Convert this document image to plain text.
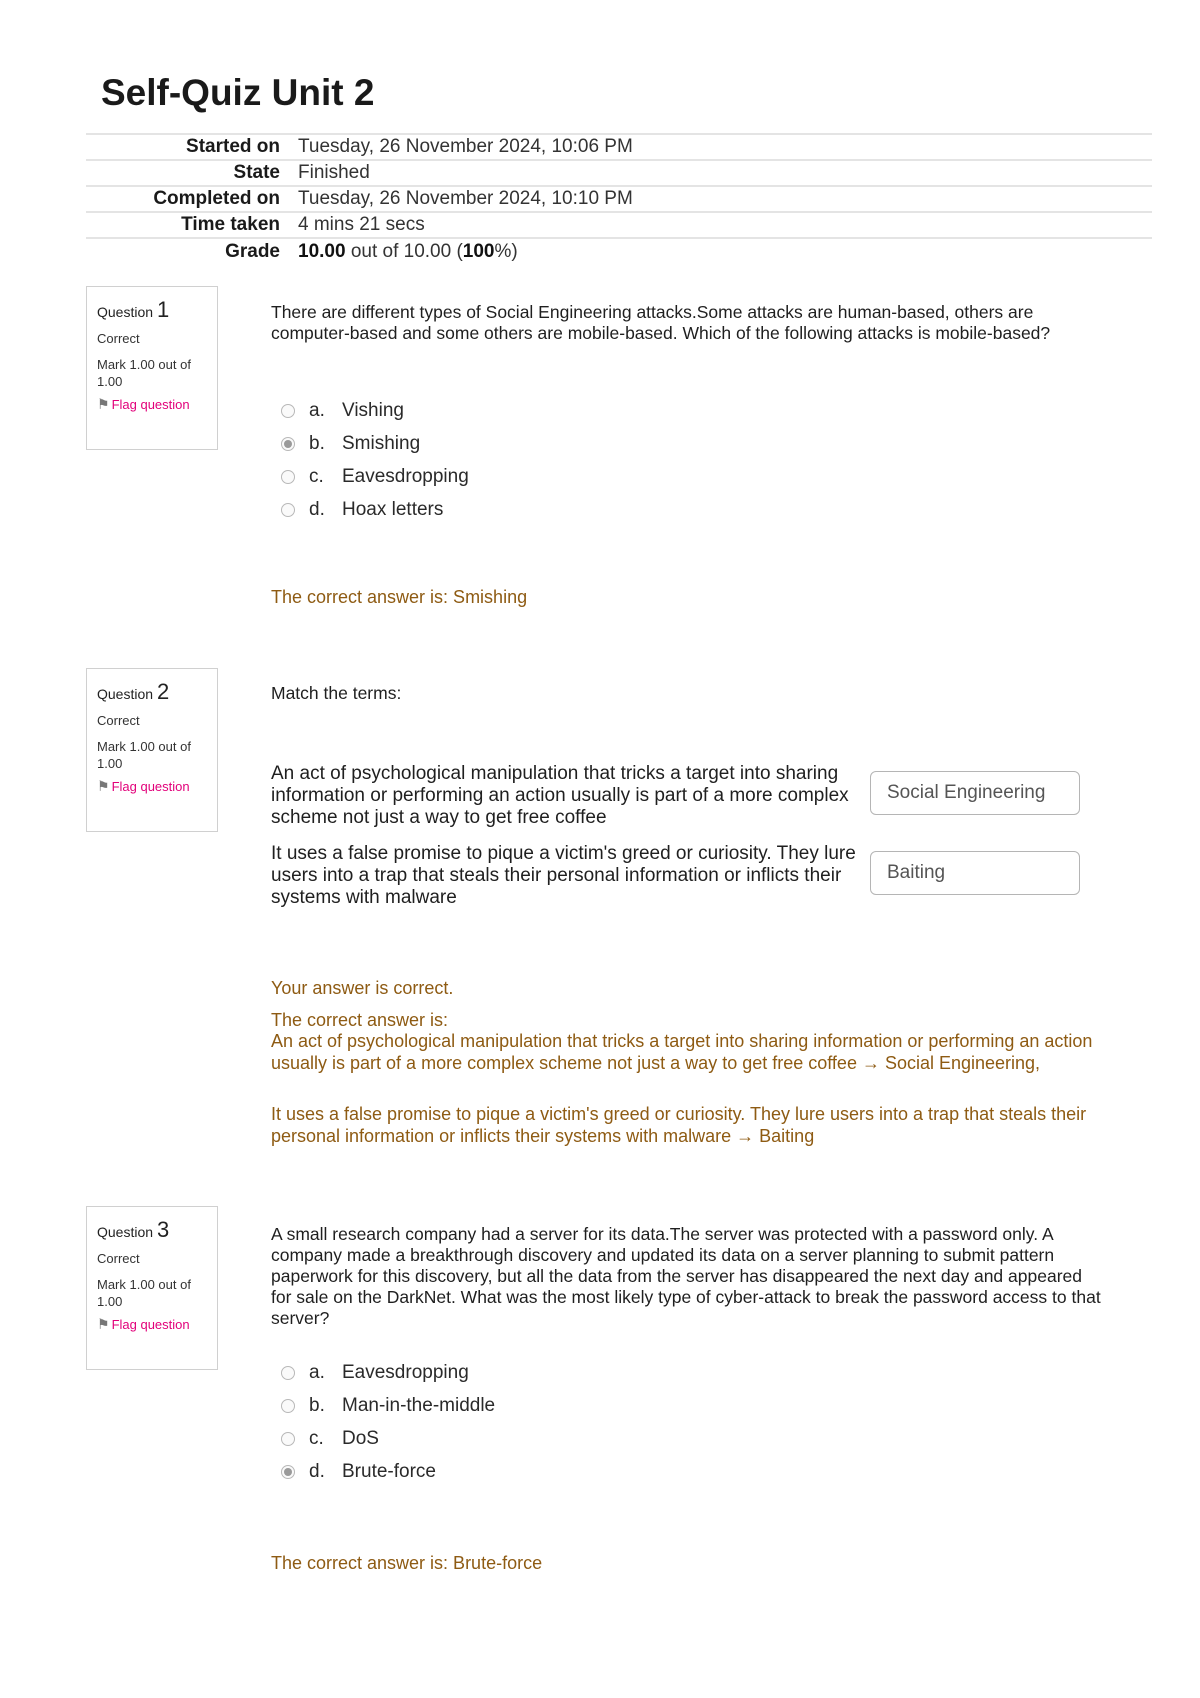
Self-Quiz Unit 2
Started on	Tuesday, 26 November 2024, 10:06 PM
State	Finished
Completed on	Tuesday, 26 November 2024, 10:10 PM
Time taken	4 mins 21 secs
Grade	10.00 out of 10.00 (100%)
Question 1
Correct
Mark 1.00 out of 1.00
⚑ Flag question
There are different types of Social Engineering attacks.Some attacks are human-based, others are computer-based and some others are mobile-based. Which of the following attacks is mobile-based?
a. Vishing
b. Smishing
c. Eavesdropping
d. Hoax letters
The correct answer is: Smishing
Question 2
Correct
Mark 1.00 out of 1.00
⚑ Flag question
Match the terms:
An act of psychological manipulation that tricks a target into sharing information or performing an action usually is part of a more complex scheme not just a way to get free coffee
Social Engineering
It uses a false promise to pique a victim's greed or curiosity. They lure users into a trap that steals their personal information or inflicts their systems with malware
Baiting
Your answer is correct.
The correct answer is:
An act of psychological manipulation that tricks a target into sharing information or performing an action usually is part of a more complex scheme not just a way to get free coffee → Social Engineering,
It uses a false promise to pique a victim's greed or curiosity. They lure users into a trap that steals their personal information or inflicts their systems with malware → Baiting
Question 3
Correct
Mark 1.00 out of 1.00
⚑ Flag question
A small research company had a server for its data.The server was protected with a password only. A company made a breakthrough discovery and updated its data on a server planning to submit pattern paperwork for this discovery, but all the data from the server has disappeared the next day and appeared for sale on the DarkNet. What was the most likely type of cyber-attack to break the password access to that server?
a. Eavesdropping
b. Man-in-the-middle
c. DoS
d. Brute-force
The correct answer is: Brute-force
